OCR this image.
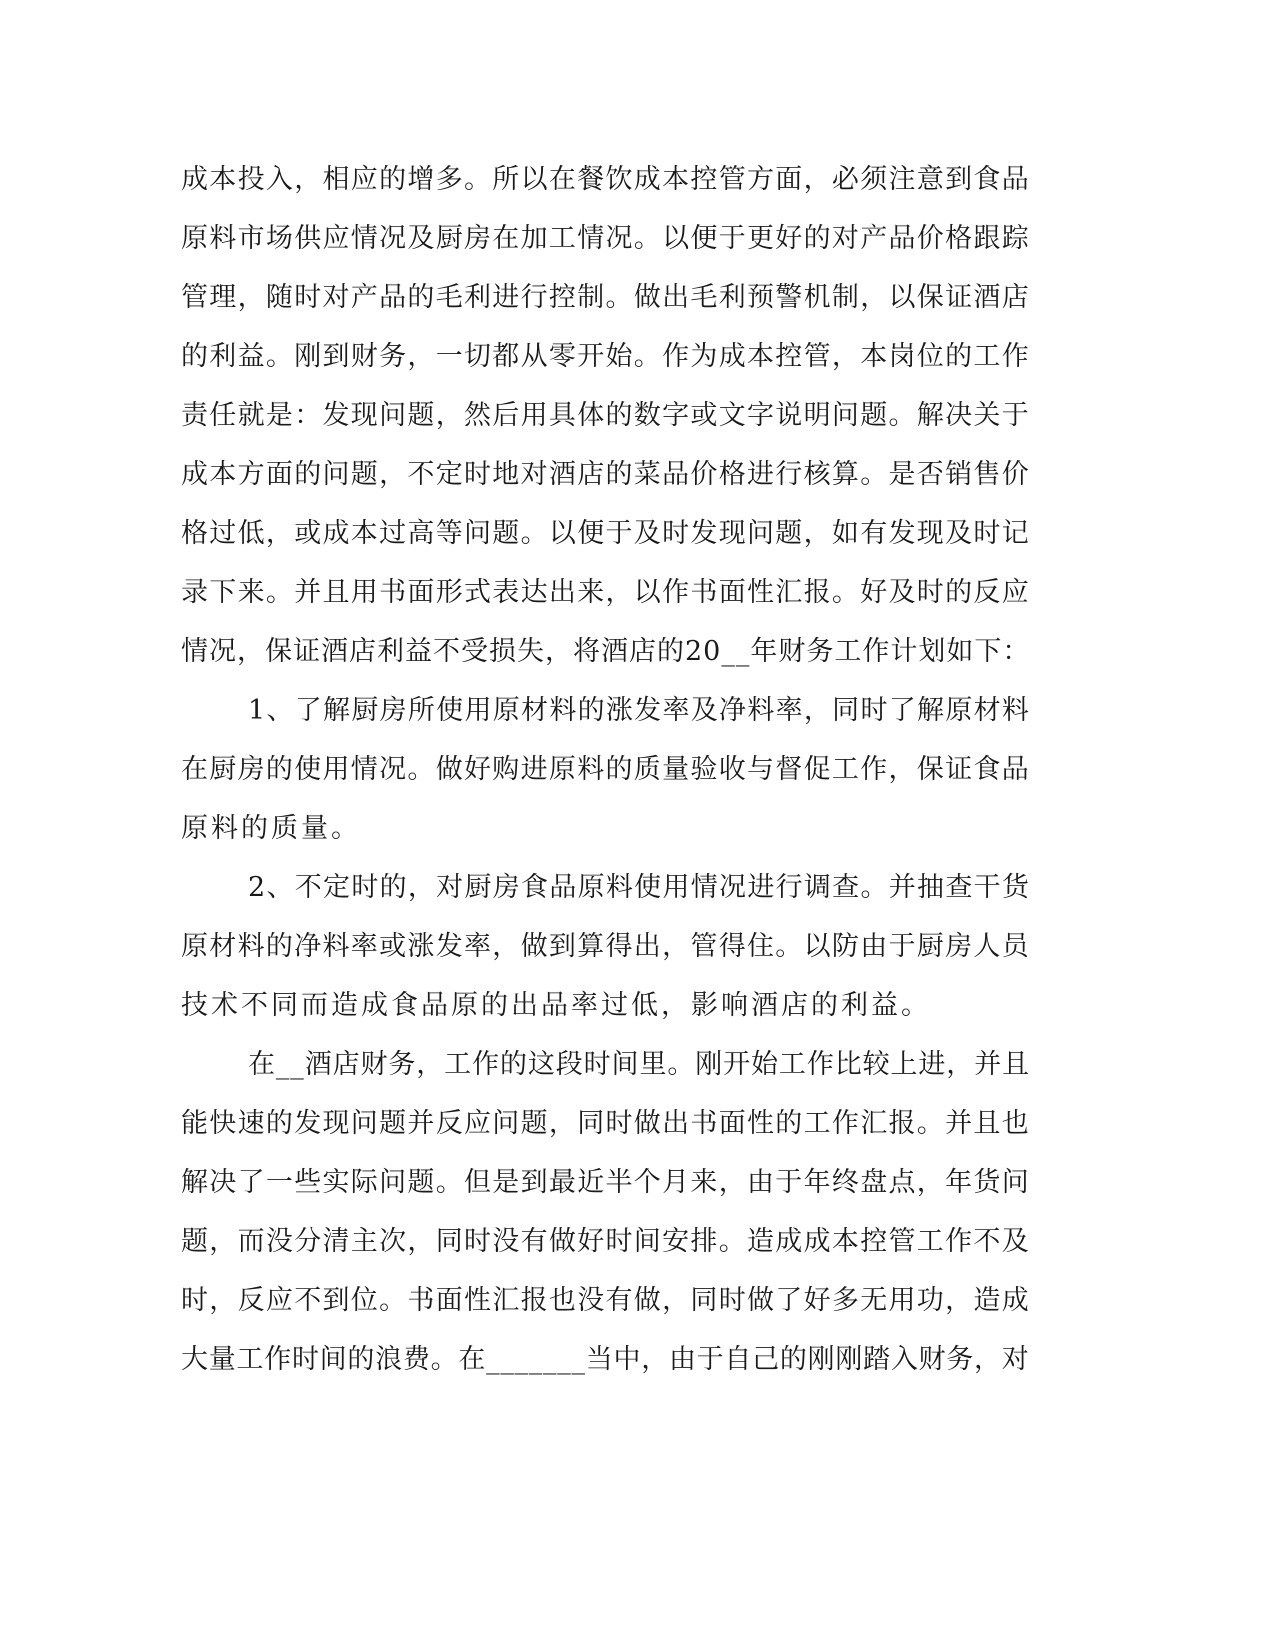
成本投入，相应的增多。所以在餐饮成本控管方面，必须注意到食品
原料市场供应情况及厨房在加工情况。以便于更好的对产品价格跟踪
管理，随时对产品的毛利进行控制。做出毛利预警机制，以保证酒店
的利益。刚到财务，一切都从零开始。作为成本控管，本岗位的工作
责任就是：发现问题，然后用具体的数字或文字说明问题。解决关于
成本方面的问题，不定时地对酒店的菜品价格进行核算。是否销售价
格过低，或成本过高等问题。以便于及时发现问题，如有发现及时记
录下来。并且用书面形式表达出来，以作书面性汇报。好及时的反应
情况，保证酒店利益不受损失，将酒店的20__年财务工作计划如下：
1、了解厨房所使用原材料的涨发率及净料率，同时了解原材料
在厨房的使用情况。做好购进原料的质量验收与督促工作，保证食品
原料的质量。
2、不定时的，对厨房食品原料使用情况进行调查。并抽查干货
原材料的净料率或涨发率，做到算得出，管得住。以防由于厨房人员
技术不同而造成食品原的出品率过低，影响酒店的利益。
在__酒店财务，工作的这段时间里。刚开始工作比较上进，并且
能快速的发现问题并反应问题，同时做出书面性的工作汇报。并且也
解决了一些实际问题。但是到最近半个月来，由于年终盘点，年货问
题，而没分清主次，同时没有做好时间安排。造成成本控管工作不及
时，反应不到位。书面性汇报也没有做，同时做了好多无用功，造成
大量工作时间的浪费。在_______当中，由于自己的刚刚踏入财务，对
